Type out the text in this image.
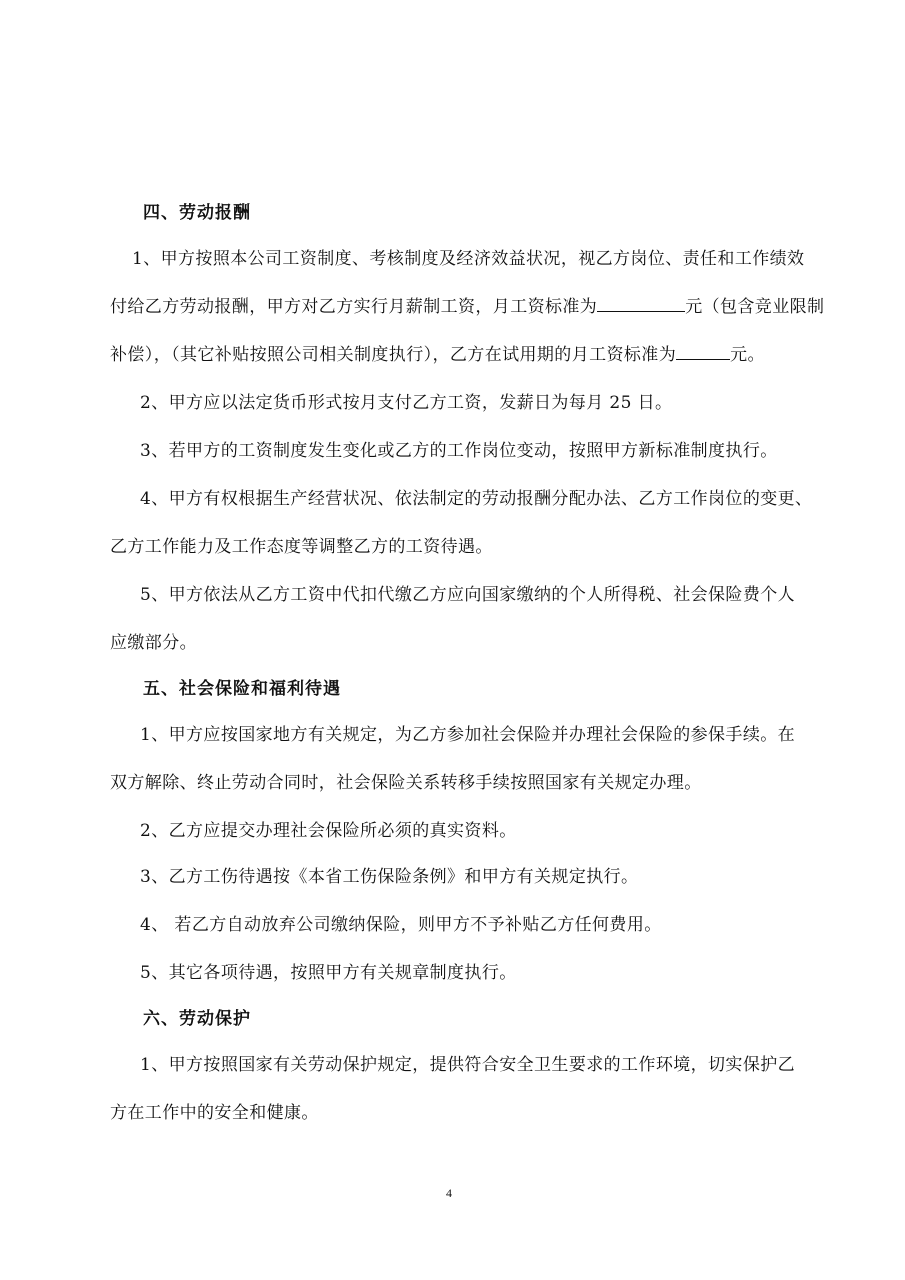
四、劳动报酬
1、甲方按照本公司工资制度、考核制度及经济效益状况，视乙方岗位、责任和工作绩效
付给乙方劳动报酬，甲方对乙方实行月薪制工资，月工资标准为	元（包含竞业限制
补偿），（其它补贴按照公司相关制度执行），乙方在试用期的月工资标准为	元。
2、甲方应以法定货币形式按月支付乙方工资，发薪日为每月 25 日。
3、若甲方的工资制度发生变化或乙方的工作岗位变动，按照甲方新标准制度执行。
4、甲方有权根据生产经营状况、依法制定的劳动报酬分配办法、乙方工作岗位的变更、
乙方工作能力及工作态度等调整乙方的工资待遇。
5、甲方依法从乙方工资中代扣代缴乙方应向国家缴纳的个人所得税、社会保险费个人
应缴部分。
五、社会保险和福利待遇
1、甲方应按国家地方有关规定，为乙方参加社会保险并办理社会保险的参保手续。在
双方解除、终止劳动合同时，社会保险关系转移手续按照国家有关规定办理。
2、乙方应提交办理社会保险所必须的真实资料。
3、乙方工伤待遇按《本省工伤保险条例》和甲方有关规定执行。
4、 若乙方自动放弃公司缴纳保险，则甲方不予补贴乙方任何费用。
5、其它各项待遇，按照甲方有关规章制度执行。
六、劳动保护
1、甲方按照国家有关劳动保护规定，提供符合安全卫生要求的工作环境，切实保护乙
方在工作中的安全和健康。
4
